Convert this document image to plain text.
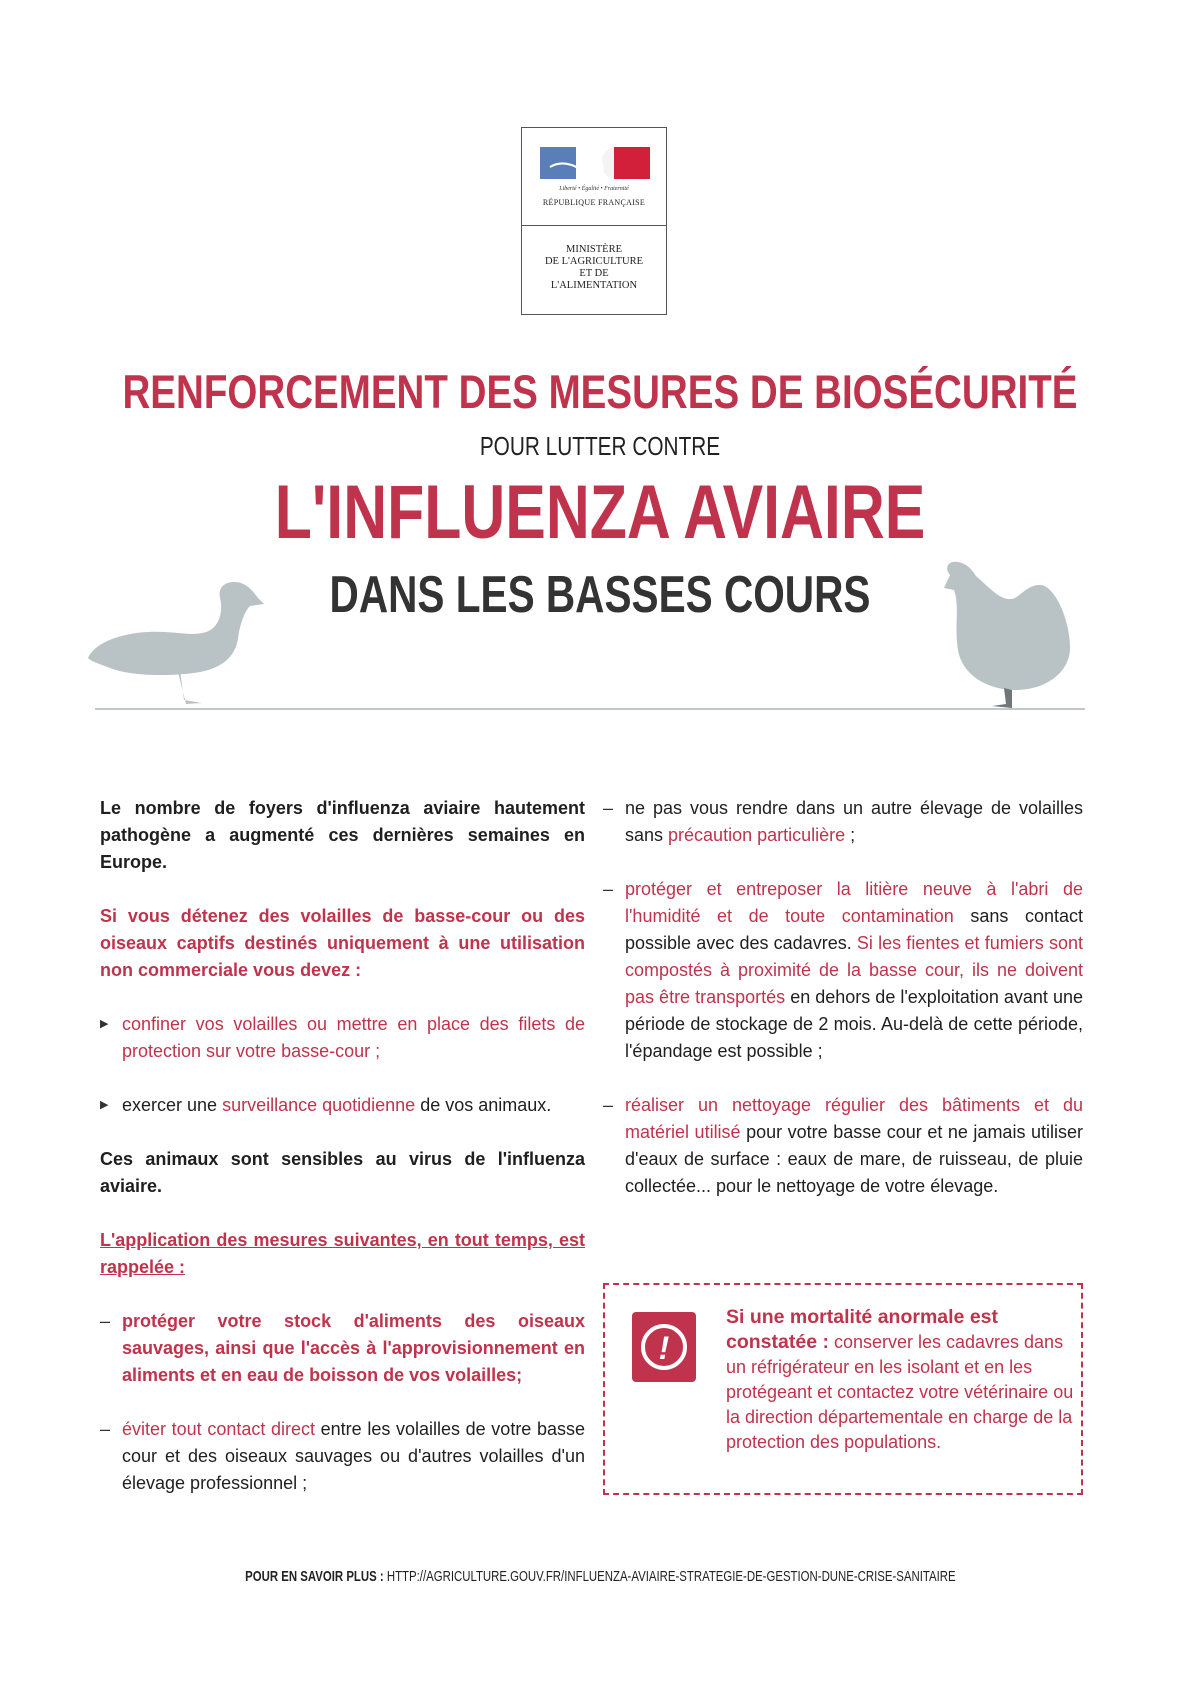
Liberté • Égalité • Fraternité
RÉPUBLIQUE FRANÇAISE
MINISTÈRE
DE L'AGRICULTURE
ET DE
L'ALIMENTATION
RENFORCEMENT DES MESURES DE BIOSÉCURITÉ
POUR LUTTER CONTRE
L'INFLUENZA AVIAIRE
DANS LES BASSES COURS

Le nombre de foyers d'influenza aviaire hautement pathogène a augmenté ces dernières semaines en Europe.

Si vous détenez des volailles de basse-cour ou des oiseaux captifs destinés uniquement à une utilisation non commerciale vous devez :

▶ confiner vos volailles ou mettre en place des filets de protection sur votre basse-cour ;
▶ exercer une surveillance quotidienne de vos animaux.

Ces animaux sont sensibles au virus de l'influenza aviaire.

L'application des mesures suivantes, en tout temps, est rappelée :

– protéger votre stock d'aliments des oiseaux sauvages, ainsi que l'accès à l'approvisionnement en aliments et en eau de boisson de vos volailles;
– éviter tout contact direct entre les volailles de votre basse cour et des oiseaux sauvages ou d'autres volailles d'un élevage professionnel ;
– ne pas vous rendre dans un autre élevage de volailles sans précaution particulière ;
– protéger et entreposer la litière neuve à l'abri de l'humidité et de toute contamination sans contact possible avec des cadavres. Si les fientes et fumiers sont compostés à proximité de la basse cour, ils ne doivent pas être transportés en dehors de l'exploitation avant une période de stockage de 2 mois. Au-delà de cette période, l'épandage est possible ;
– réaliser un nettoyage régulier des bâtiments et du matériel utilisé pour votre basse cour et ne jamais utiliser d'eaux de surface : eaux de mare, de ruisseau, de pluie collectée... pour le nettoyage de votre élevage.
!
Si une mortalité anormale est constatée : conserver les cadavres dans un réfrigérateur en les isolant et en les protégeant et contactez votre vétérinaire ou la direction départementale en charge de la protection des populations.

POUR EN SAVOIR PLUS : HTTP://AGRICULTURE.GOUV.FR/INFLUENZA-AVIAIRE-STRATEGIE-DE-GESTION-DUNE-CRISE-SANITAIRE
